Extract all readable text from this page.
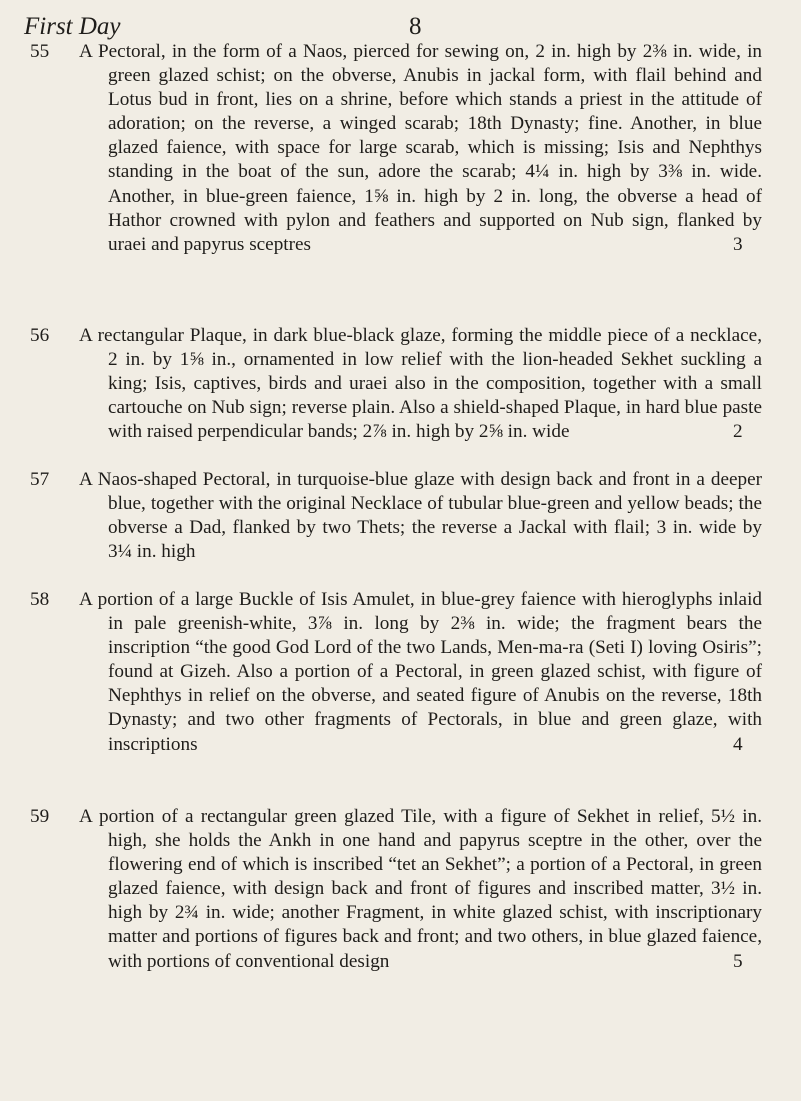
First Day	8
55	A Pectoral, in the form of a Naos, pierced for sewing on, 2 in. high by 2⅜ in. wide, in green glazed schist; on the obverse, Anubis in jackal form, with flail behind and Lotus bud in front, lies on a shrine, before which stands a priest in the attitude of adoration; on the reverse, a winged scarab; 18th Dynasty; fine. Another, in blue glazed faience, with space for large scarab, which is missing; Isis and Nephthys standing in the boat of the sun, adore the scarab; 4¼ in. high by 3⅜ in. wide. Another, in blue-green faience, 1⅝ in. high by 2 in. long, the obverse a head of Hathor crowned with pylon and feathers and supported on Nub sign, flanked by uraei and papyrus sceptres	3

56	A rectangular Plaque, in dark blue-black glaze, forming the middle piece of a necklace, 2 in. by 1⅝ in., ornamented in low relief with the lion-headed Sekhet suckling a king; Isis, captives, birds and uraei also in the composition, together with a small cartouche on Nub sign; reverse plain. Also a shield-shaped Plaque, in hard blue paste with raised perpendicular bands; 2⅞ in. high by 2⅝ in. wide	2

57	A Naos-shaped Pectoral, in turquoise-blue glaze with design back and front in a deeper blue, together with the original Necklace of tubular blue-green and yellow beads; the obverse a Dad, flanked by two Thets; the reverse a Jackal with flail; 3 in. wide by 3¼ in. high

58	A portion of a large Buckle of Isis Amulet, in blue-grey faience with hieroglyphs inlaid in pale greenish-white, 3⅞ in. long by 2⅜ in. wide; the fragment bears the inscription “the good God Lord of the two Lands, Men-ma-ra (Seti I) loving Osiris”; found at Gizeh. Also a portion of a Pectoral, in green glazed schist, with figure of Nephthys in relief on the obverse, and seated figure of Anubis on the reverse, 18th Dynasty; and two other fragments of Pectorals, in blue and green glaze, with inscriptions	4

59	A portion of a rectangular green glazed Tile, with a figure of Sekhet in relief, 5½ in. high, she holds the Ankh in one hand and papyrus sceptre in the other, over the flowering end of which is inscribed “tet an Sekhet”; a portion of a Pectoral, in green glazed faience, with design back and front of figures and inscribed matter, 3½ in. high by 2¾ in. wide; another Fragment, in white glazed schist, with inscriptionary matter and portions of figures back and front; and two others, in blue glazed faience, with portions of conventional design	5
